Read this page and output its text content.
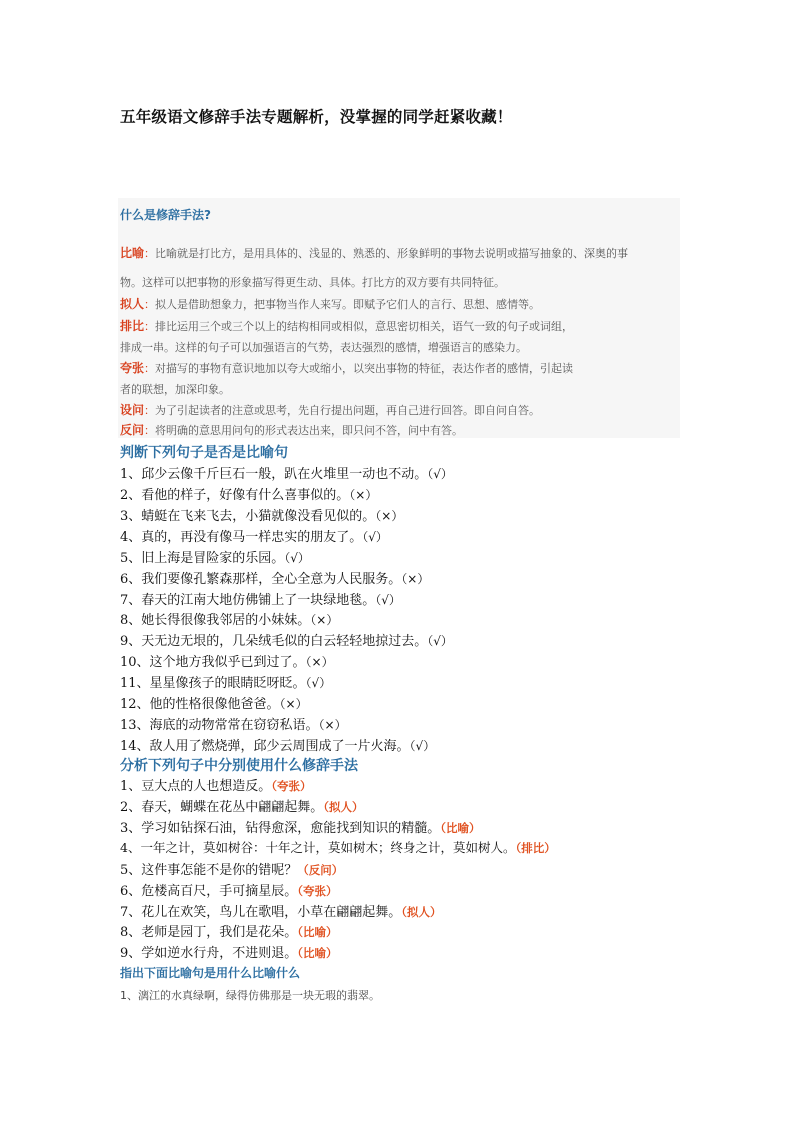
五年级语文修辞手法专题解析，没掌握的同学赶紧收藏！
什么是修辞手法?
比喻：比喻就是打比方，是用具体的、浅显的、熟悉的、形象鲜明的事物去说明或描写抽象的、深奥的事
物。这样可以把事物的形象描写得更生动、具体。打比方的双方要有共同特征。
拟人：拟人是借助想象力，把事物当作人来写。即赋予它们人的言行、思想、感情等。
排比：排比运用三个或三个以上的结构相同或相似，意思密切相关，语气一致的句子或词组，
排成一串。这样的句子可以加强语言的气势，表达强烈的感情，增强语言的感染力。
夸张：对描写的事物有意识地加以夸大或缩小，以突出事物的特征，表达作者的感情，引起读
者的联想，加深印象。
设问：为了引起读者的注意或思考，先自行提出问题，再自己进行回答。即自问自答。
反问：将明确的意思用问句的形式表达出来，即只问不答，问中有答。
判断下列句子是否是比喻句
1、邱少云像千斤巨石一般，趴在火堆里一动也不动。（√）
2、看他的样子，好像有什么喜事似的。（×）
3、蜻蜓在飞来飞去，小猫就像没看见似的。（×）
4、真的，再没有像马一样忠实的朋友了。（√）
5、旧上海是冒险家的乐园。（√）
6、我们要像孔繁森那样，全心全意为人民服务。（×）
7、春天的江南大地仿佛铺上了一块绿地毯。（√）
8、她长得很像我邻居的小妹妹。（×）
9、天无边无垠的，几朵绒毛似的白云轻轻地掠过去。（√）
10、这个地方我似乎已到过了。（×）
11、星星像孩子的眼睛眨呀眨。（√）
12、他的性格很像他爸爸。（×）
13、海底的动物常常在窃窃私语。（×）
14、敌人用了燃烧弹，邱少云周围成了一片火海。（√）
分析下列句子中分别使用什么修辞手法
1、豆大点的人也想造反。（夸张）
2、春天，蝴蝶在花丛中翩翩起舞。（拟人）
3、学习如钻探石油，钻得愈深，愈能找到知识的精髓。（比喻）
4、一年之计，莫如树谷：十年之计，莫如树木；终身之计，莫如树人。（排比）
5、这件事怎能不是你的错呢？（反问）
6、危楼高百尺，手可摘星辰。（夸张）
7、花儿在欢笑，鸟儿在歌唱，小草在翩翩起舞。（拟人）
8、老师是园丁，我们是花朵。（比喻）
9、学如逆水行舟，不进则退。（比喻）
指出下面比喻句是用什么比喻什么
1、漓江的水真绿啊，绿得仿佛那是一块无瑕的翡翠。
